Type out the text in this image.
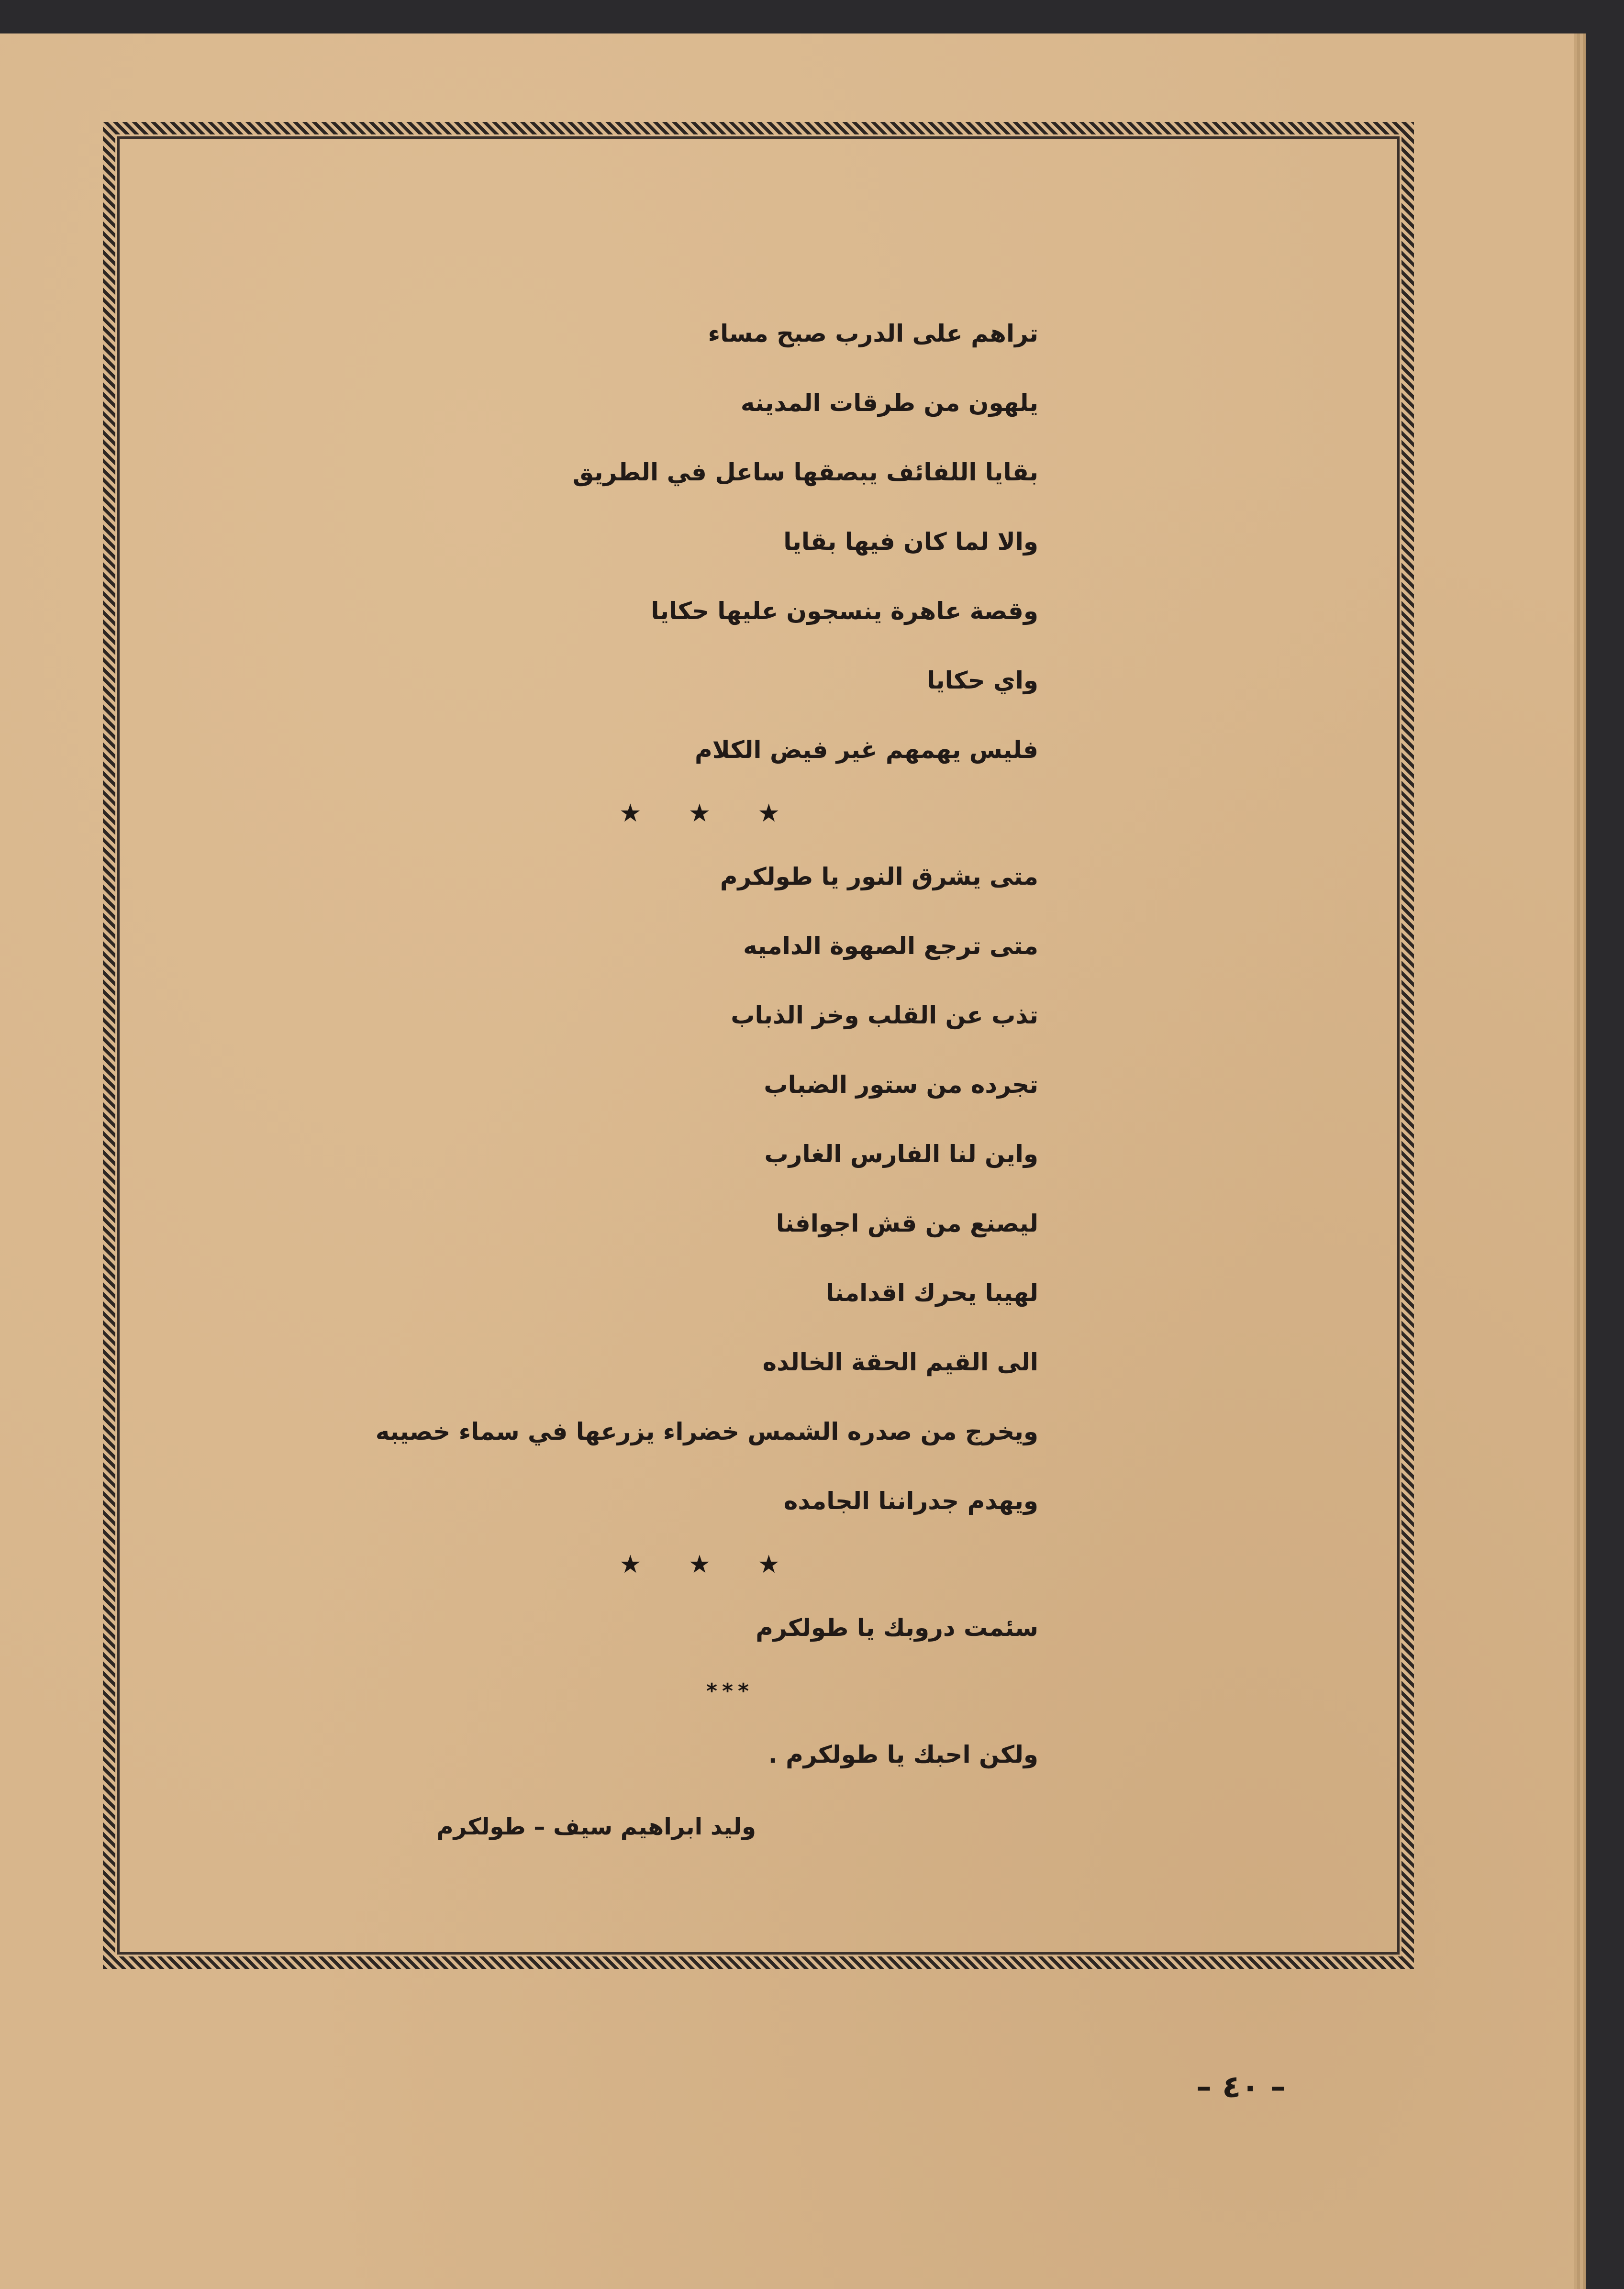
تراهم على الدرب صبح مساء
يلهون من طرقات المدينه
بقايا اللفائف يبصقها ساعل في الطريق
والا لما كان فيها بقايا
وقصة عاهرة ينسجون عليها حكايا
واي حكايا
فليس يهمهم غير فيض الكلام
★ ★ ★
متى يشرق النور يا طولكرم
متى ترجع الصهوة الداميه
تذب عن القلب وخز الذباب
تجرده من ستور الضباب
واين لنا الفارس الغارب
ليصنع من قش اجوافنا
لهيبا يحرك اقدامنا
الى القيم الحقة الخالده
ويخرج من صدره الشمس خضراء يزرعها في سماء خصيبه
ويهدم جدراننا الجامده
★ ★ ★
سئمت دروبك يا طولكرم
***
ولكن احبك يا طولكرم .
وليد ابراهيم سيف – طولكرم
– ٤٠ –
